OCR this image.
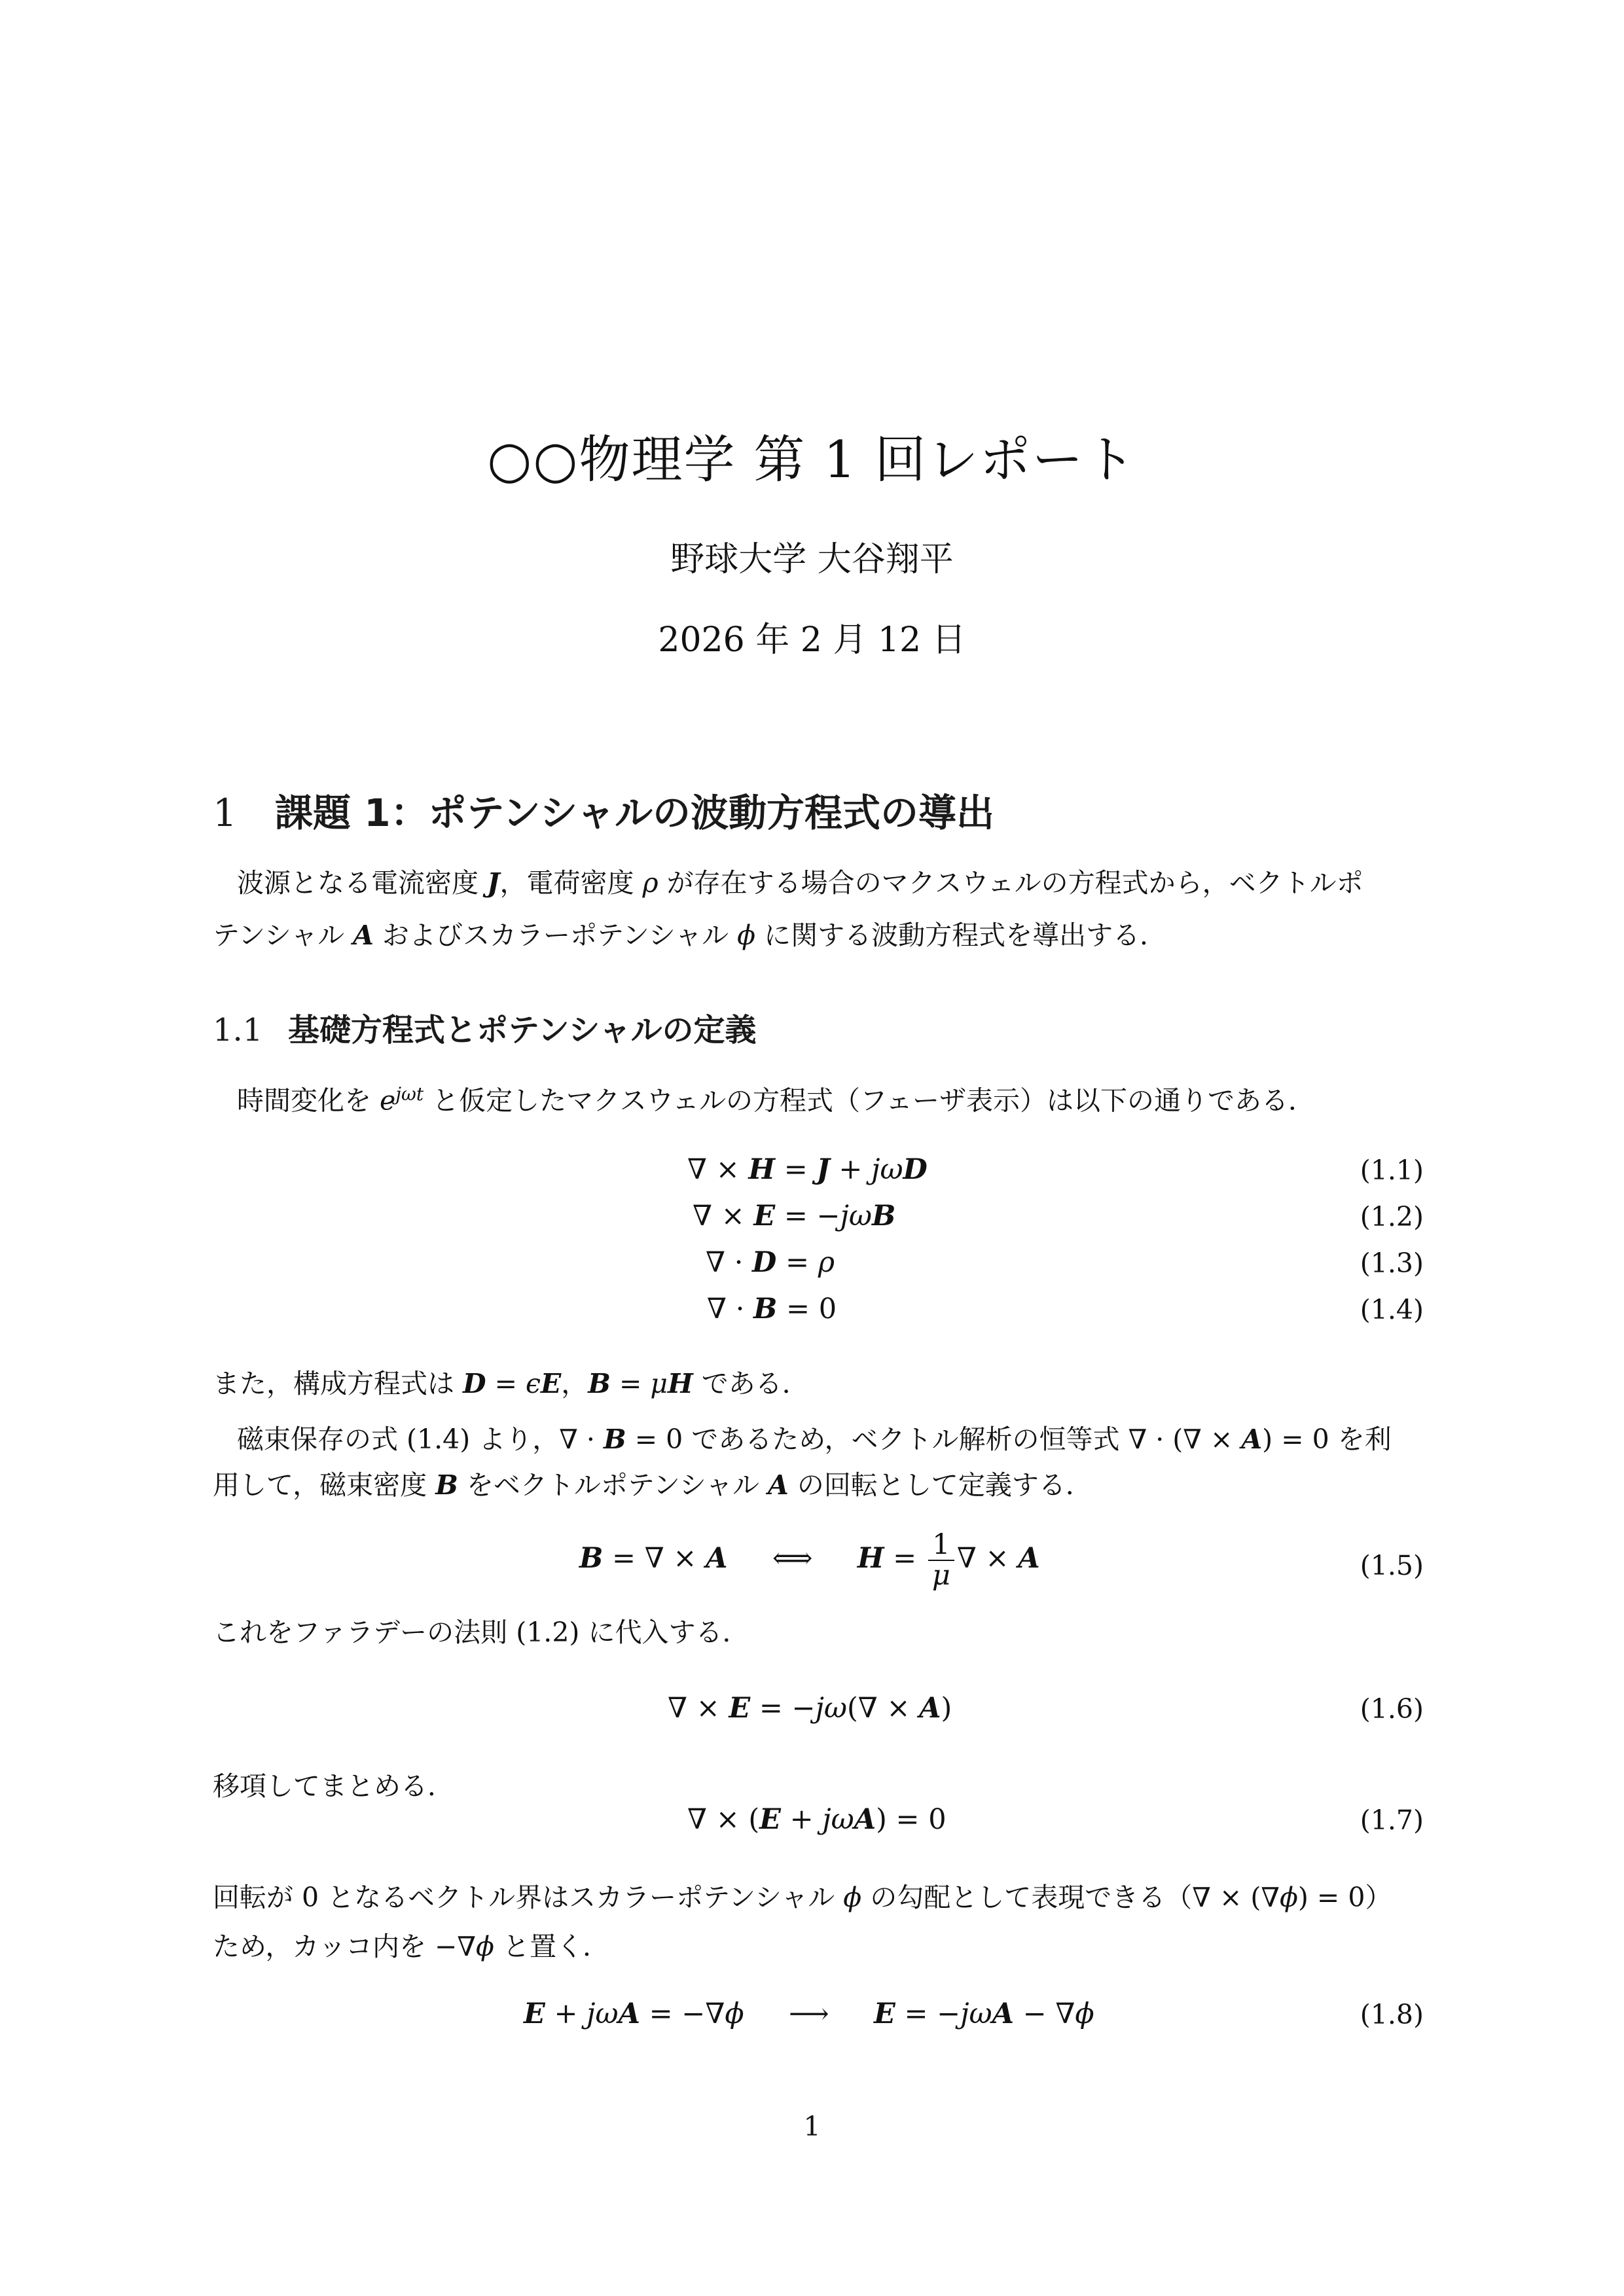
○○物理学 第 1 回レポート
野球大学 大谷翔平
2026 年 2 月 12 日
1 課題 1：ポテンシャルの波動方程式の導出
波源となる電流密度 J，電荷密度 ρ が存在する場合のマクスウェルの方程式から，ベクトルポ
テンシャル A およびスカラーポテンシャル ϕ に関する波動方程式を導出する．
1.1 基礎方程式とポテンシャルの定義
時間変化を $e^{j\omega t}$ と仮定したマクスウェルの方程式（フェーザ表示）は以下の通りである．
∇ × H = J + jωD	(1.1)
∇ × E = −jωB	(1.2)
∇ · D = ρ	(1.3)
∇ · B = 0	(1.4)
また，構成方程式は D = ϵE，B = μH である．
磁束保存の式 (1.4) より，∇ · B = 0 であるため，ベクトル解析の恒等式 ∇ · (∇ × A) = 0 を利
用して，磁束密度 B をベクトルポテンシャル A の回転として定義する．
B = ∇ × A     ⟺     $H = \frac{1}{\mu}$ ∇ × A	(1.5)
これをファラデーの法則 (1.2) に代入する．
∇ × E = −jω(∇ × A)	(1.6)
移項してまとめる．
∇ × (E + jωA) = 0	(1.7)
回転が 0 となるベクトル界はスカラーポテンシャル ϕ の勾配として表現できる（∇ × (∇ϕ) = 0）
ため，カッコ内を −∇ϕ と置く．
E + jωA = −∇ϕ     ⟶     E = −jωA − ∇ϕ	(1.8)
1
